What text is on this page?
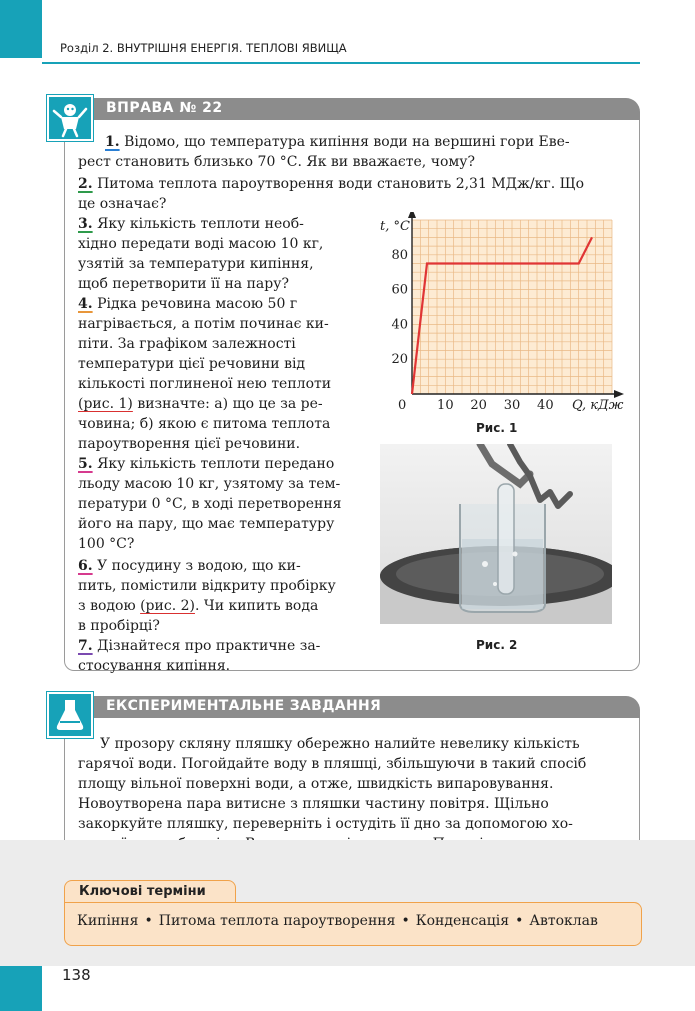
Розділ 2. ВНУТРІШНЯ ЕНЕРГІЯ. ТЕПЛОВІ ЯВИЩА
ВПРАВА № 22
1. Відомо, що температура кипіння води на вершині гори Еве-
рест становить близько 70 °С. Як ви вважаєте, чому?
2. Питома теплота пароутворення води становить 2,31 МДж/кг. Що
це означає?
3. Яку кількість теплоти необ-
хідно передати воді масою 10 кг,
узятій за температури кипіння,
щоб перетворити її на пару?
4. Рідка речовина масою 50 г
нагрівається, а потім починає ки-
піти. За графіком залежності
температури цієї речовини від
кількості поглиненої нею теплоти
(рис. 1) визначте: а) що це за ре-
човина; б) якою є питома теплота
пароутворення цієї речовини.
5. Яку кількість теплоти передано
льоду масою 10 кг, узятому за тем-
ператури 0 °С, в ході перетворення
його на пару, що має температуру
100 °С?
6. У посудину з водою, що ки-
пить, помістили відкриту пробірку
з водою (рис. 2). Чи кипить вода
в пробірці?
7. Дізнайтеся про практичне за-
стосування кипіння.
10 20 30 40
20
40
60
80
t, °C
Q, кДж
0
Рис. 1
Рис. 2
ЕКСПЕРИМЕНТАЛЬНЕ ЗАВДАННЯ
У прозору скляну пляшку обережно налийте невелику кількість
гарячої води. Погойдайте воду в пляшці, збільшуючи в такий спосіб
площу вільної поверхні води, а отже, швидкість випаровування.
Новоутворена пара витисне з пляшки частину повітря. Щільно
закоркуйте пляшку, переверніть і остудіть її дно за допомогою хо-
Ключові терміни
Кипіння • Питома теплота пароутворення • Конденсація • Автоклав
138
